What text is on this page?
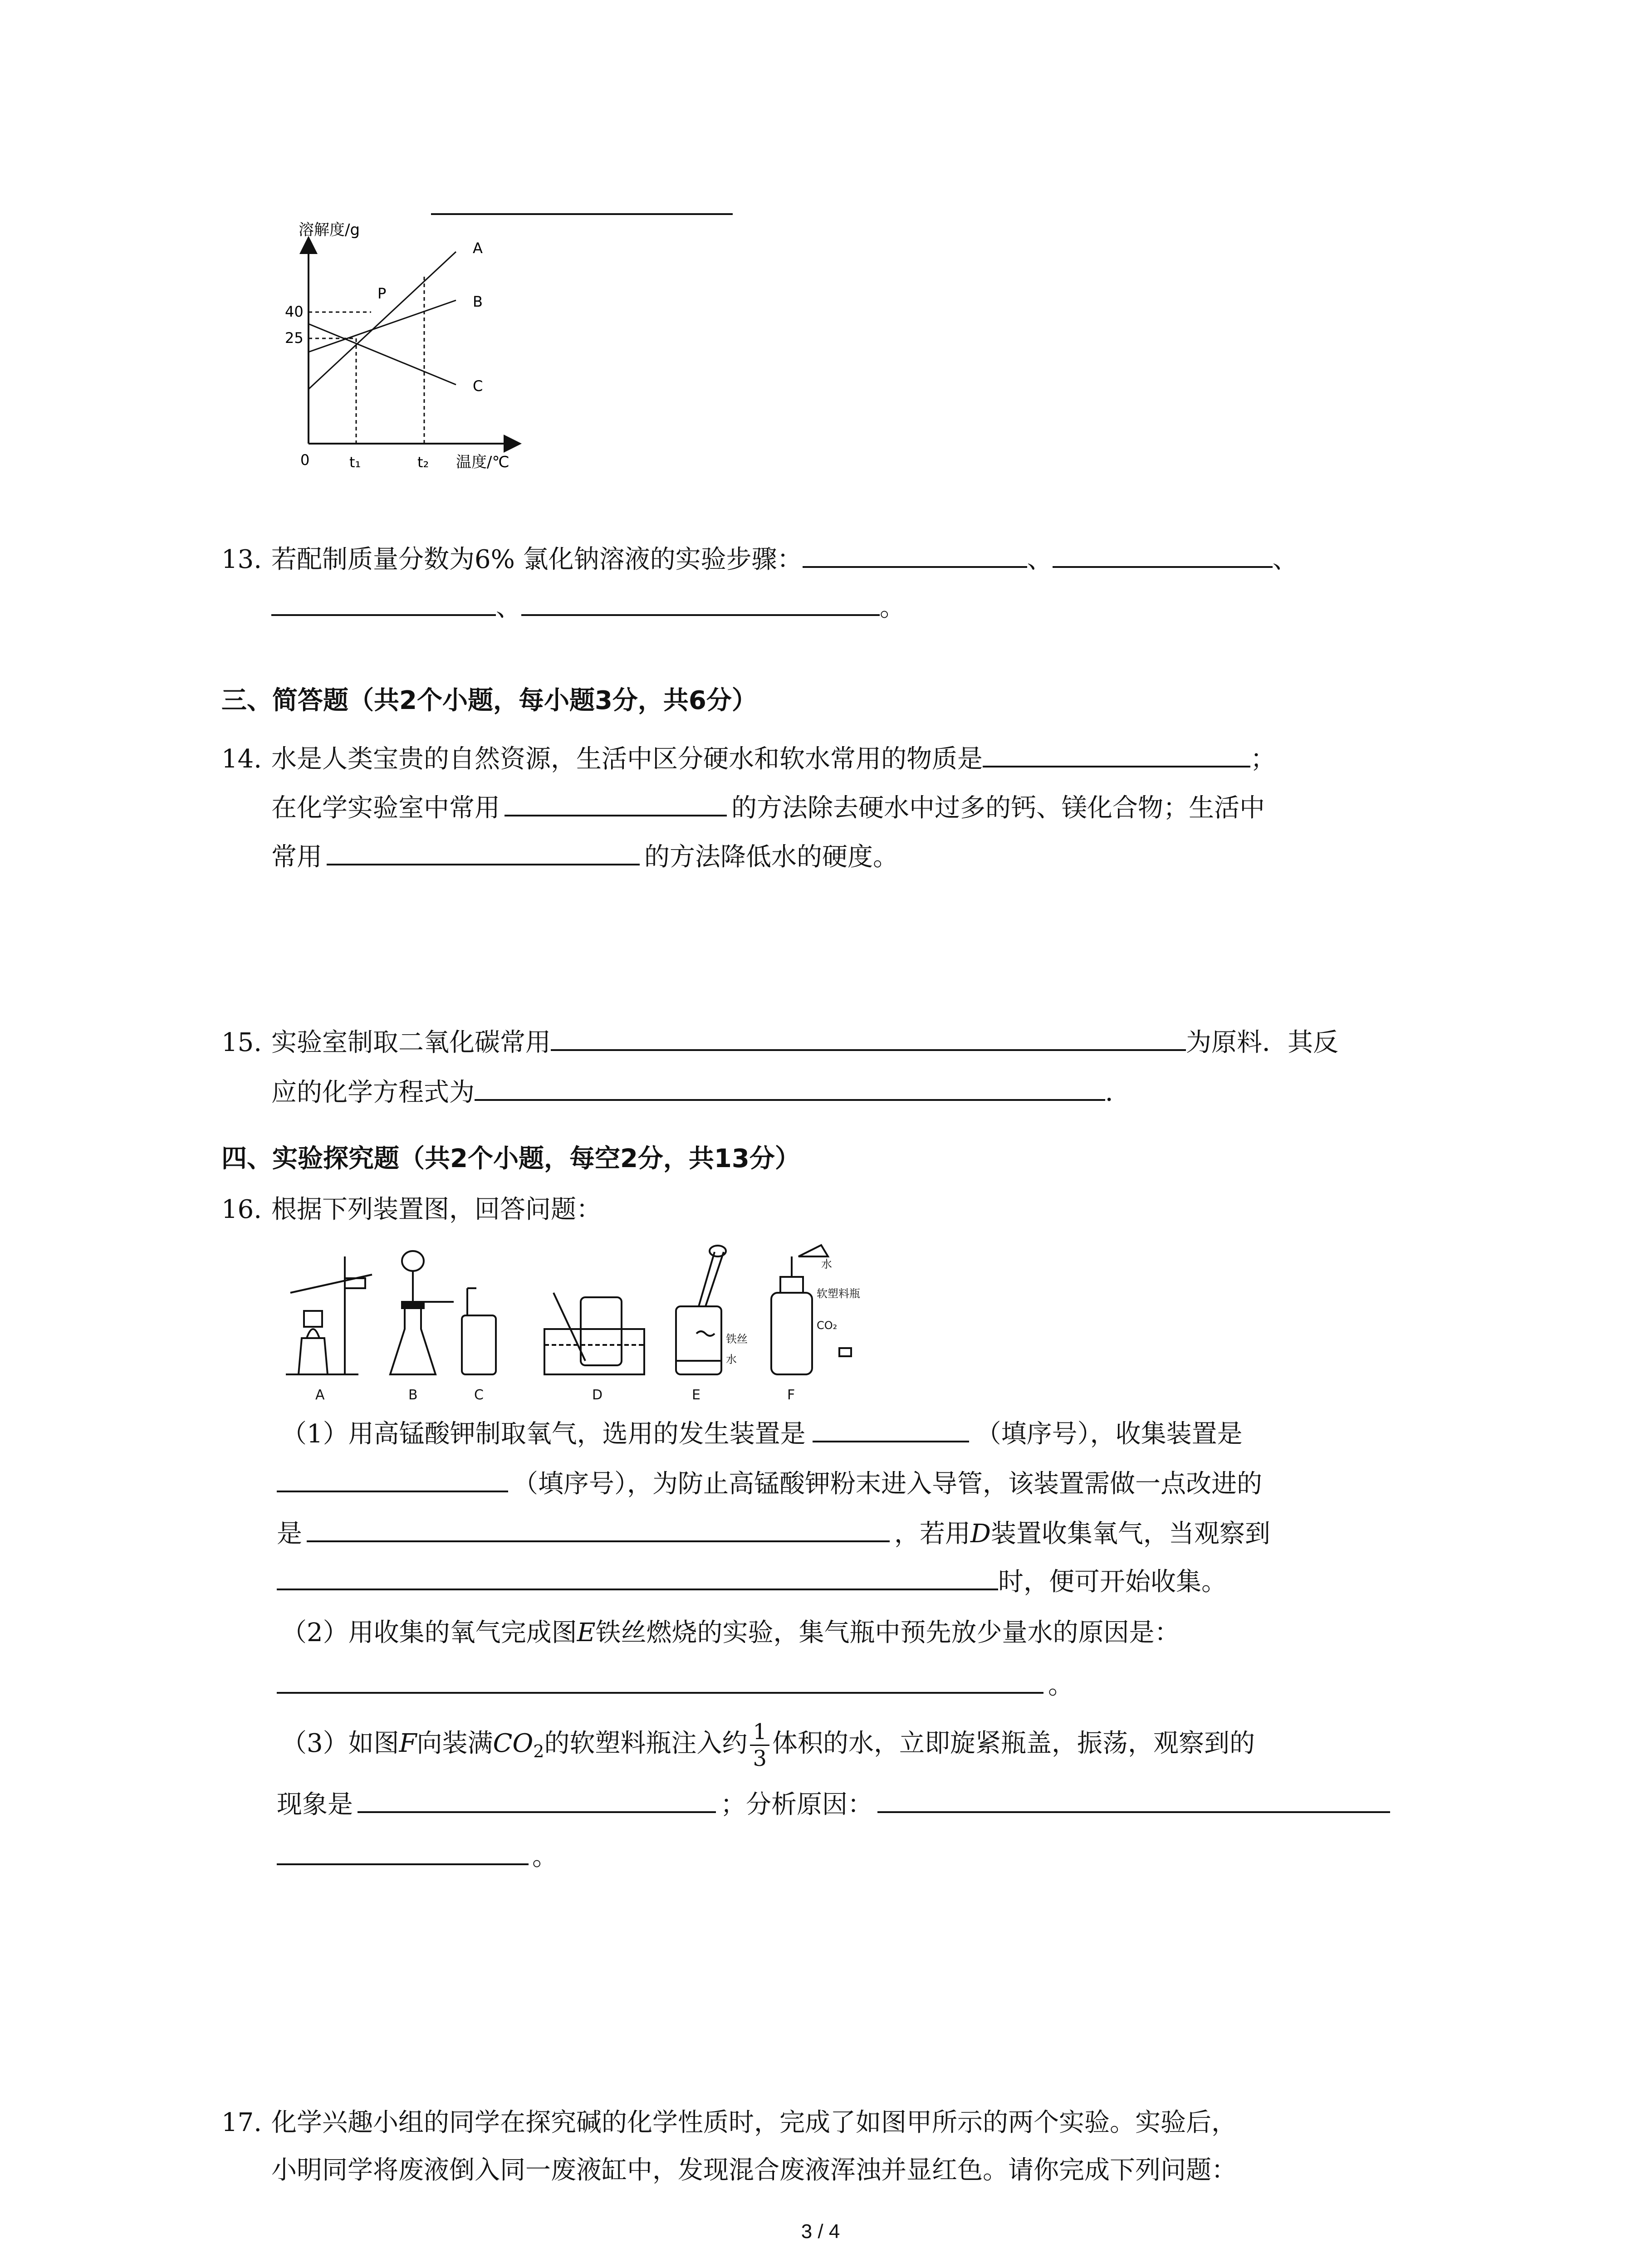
溶解度/g
温度/℃
0
40
25
t₁	t₂
A
B
C
P
13. 若配制质量分数为6% 氯化钠溶液的实验步骤：	、	、
、	。
三、简答题（共2个小题，每小题3分，共6分）
14. 水是人类宝贵的自然资源，生活中区分硬水和软水常用的物质是	；
在化学实验室中常用	的方法除去硬水中过多的钙、镁化合物；生活中
常用	的方法降低水的硬度。
15. 实验室制取二氧化碳常用	为原料．其反
应的化学方程式为	．
四、实验探究题（共2个小题，每空2分，共13分）
16. 根据下列装置图，回答问题：
A	B	C	D	E	F
铁丝
水
水
软塑料瓶
CO₂
（1）用高锰酸钾制取氧气，选用的发生装置是	（填序号），收集装置是
（填序号），为防止高锰酸钾粉末进入导管，该装置需做一点改进的
是	，若用D装置收集氧气，当观察到
时，便可开始收集。
（2）用收集的氧气完成图E铁丝燃烧的实验，集气瓶中预先放少量水的原因是：
。
（3）如图F向装满$CO_2$的软塑料瓶注入约 $\frac{1}{3}$ 体积的水，立即旋紧瓶盖，振荡，观察到的
现象是	；分析原因：
。
17. 化学兴趣小组的同学在探究碱的化学性质时，完成了如图甲所示的两个实验。实验后，
小明同学将废液倒入同一废液缸中，发现混合废液浑浊并显红色。请你完成下列问题：
3 / 4
